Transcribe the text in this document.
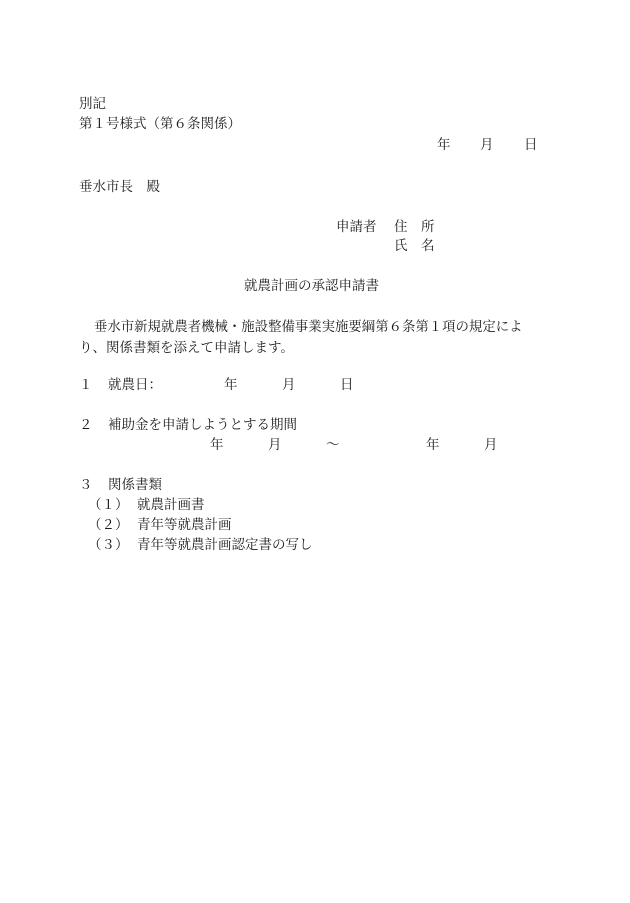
別記
第１号様式（第６条関係）
年 月 日
垂水市長　殿
申請者 住　所
氏　名
就農計画の承認申請書
垂水市新規就農者機械・施設整備事業実施要綱第６条第１項の規定によ
り、関係書類を添えて申請します。
１ 就農日：	年	月	日
２ 補助金を申請しようとする期間
年	月	～	年	月
３ 関係書類
（１） 就農計画書
（２） 青年等就農計画
（３） 青年等就農計画認定書の写し
